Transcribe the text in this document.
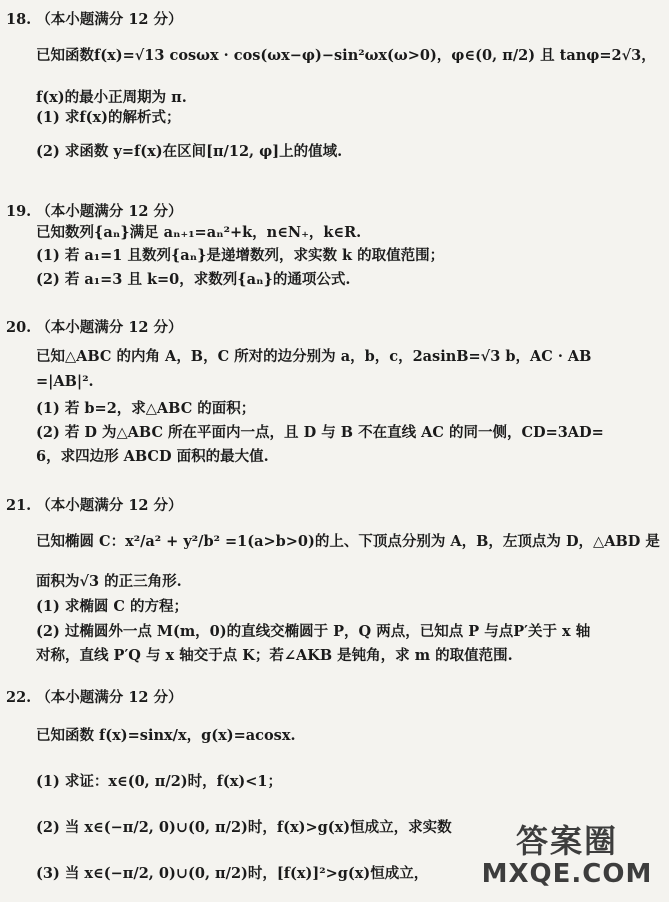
18. （本小题满分 12 分）
已知函数f(x)=√13 cosωx · cos(ωx−φ)−sin²ωx(ω>0)，φ∈(0, π/2) 且 tanφ=2√3，
f(x)的最小正周期为 π.
(1) 求f(x)的解析式；
(2) 求函数 y=f(x)在区间[π/12, φ]上的值域.
19. （本小题满分 12 分）
已知数列{aₙ}满足 aₙ₊₁=aₙ²+k，n∈N₊，k∈R.
(1) 若 a₁=1 且数列{aₙ}是递增数列，求实数 k 的取值范围；
(2) 若 a₁=3 且 k=0，求数列{aₙ}的通项公式.
20. （本小题满分 12 分）
已知△ABC 的内角 A，B，C 所对的边分别为 a，b，c，2asinB=√3 b，AC · AB
=|AB|².
(1) 若 b=2，求△ABC 的面积；
(2) 若 D 为△ABC 所在平面内一点，且 D 与 B 不在直线 AC 的同一侧，CD=3AD=
6，求四边形 ABCD 面积的最大值.
21. （本小题满分 12 分）
已知椭圆 C：x²/a² + y²/b² =1(a>b>0)的上、下顶点分别为 A，B，左顶点为 D，△ABD 是
面积为√3 的正三角形.
(1) 求椭圆 C 的方程；
(2) 过椭圆外一点 M(m，0)的直线交椭圆于 P，Q 两点，已知点 P 与点P′关于 x 轴
对称，直线 P′Q 与 x 轴交于点 K；若∠AKB 是钝角，求 m 的取值范围.
22. （本小题满分 12 分）
已知函数 f(x)=sinx/x，g(x)=acosx.
(1) 求证：x∈(0, π/2)时，f(x)<1；
(2) 当 x∈(−π/2, 0)∪(0, π/2)时，f(x)>g(x)恒成立，求实数
(3) 当 x∈(−π/2, 0)∪(0, π/2)时，[f(x)]²>g(x)恒成立，
答案圈
MXQE.COM
